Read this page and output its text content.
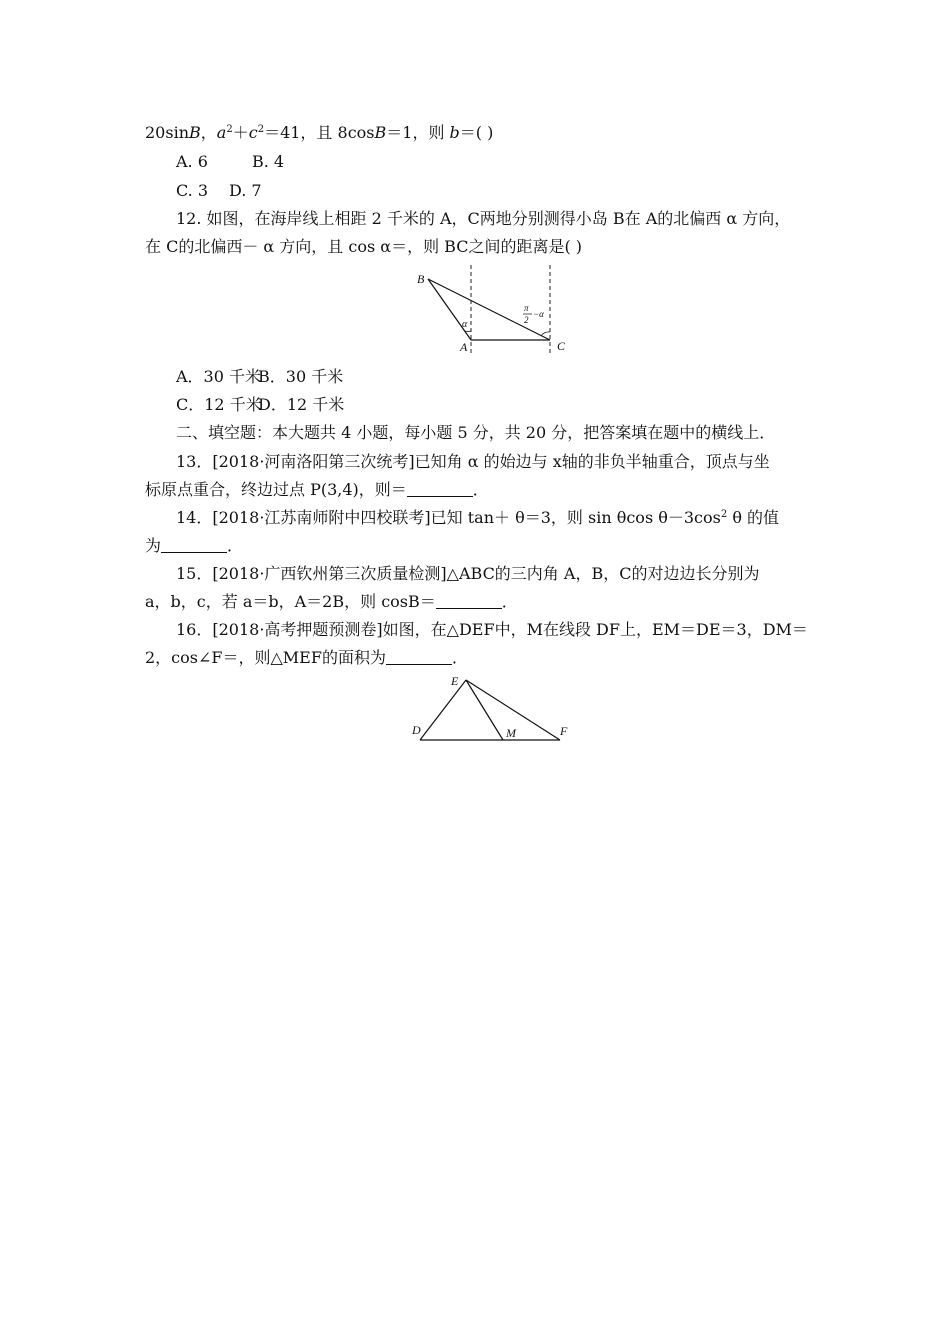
20sinB，$a^2+c^2=41$，且 8cosB＝1，则 b＝( )
A. 6	B. 4
C. 3 D. 7
12. 如图，在海岸线上相距 2 千米的 A，C两地分别测得小岛 B在 A的北偏西 α 方向，
在 C的北偏西－ α 方向，且 cos α＝，则 BC之间的距离是( )
B
A	C
α
π
2
−α
A．30 千米
B．30 千米
C．12 千米
D．12 千米
二、填空题：本大题共 4 小题，每小题 5 分，共 20 分，把答案填在题中的横线上．
13．[2018·河南洛阳第三次统考]已知角 α 的始边与 x轴的非负半轴重合，顶点与坐
标原点重合，终边过点 P(3,4)，则＝	．
14．[2018·江苏南师附中四校联考]已知 tan＋ θ＝3，则 sin θcos $\theta-3\cos^2$ θ 的值
为	．
15．[2018·广西钦州第三次质量检测]△ABC的三内角 A，B，C的对边边长分别为
a，b，c，若 a＝b，A＝2B，则 cosB＝	．
16．[2018·高考押题预测卷]如图，在△DEF中，M在线段 DF上，EM＝DE＝3，DM＝
2，cos∠F＝，则△MEF的面积为	．
E
D	M	F
